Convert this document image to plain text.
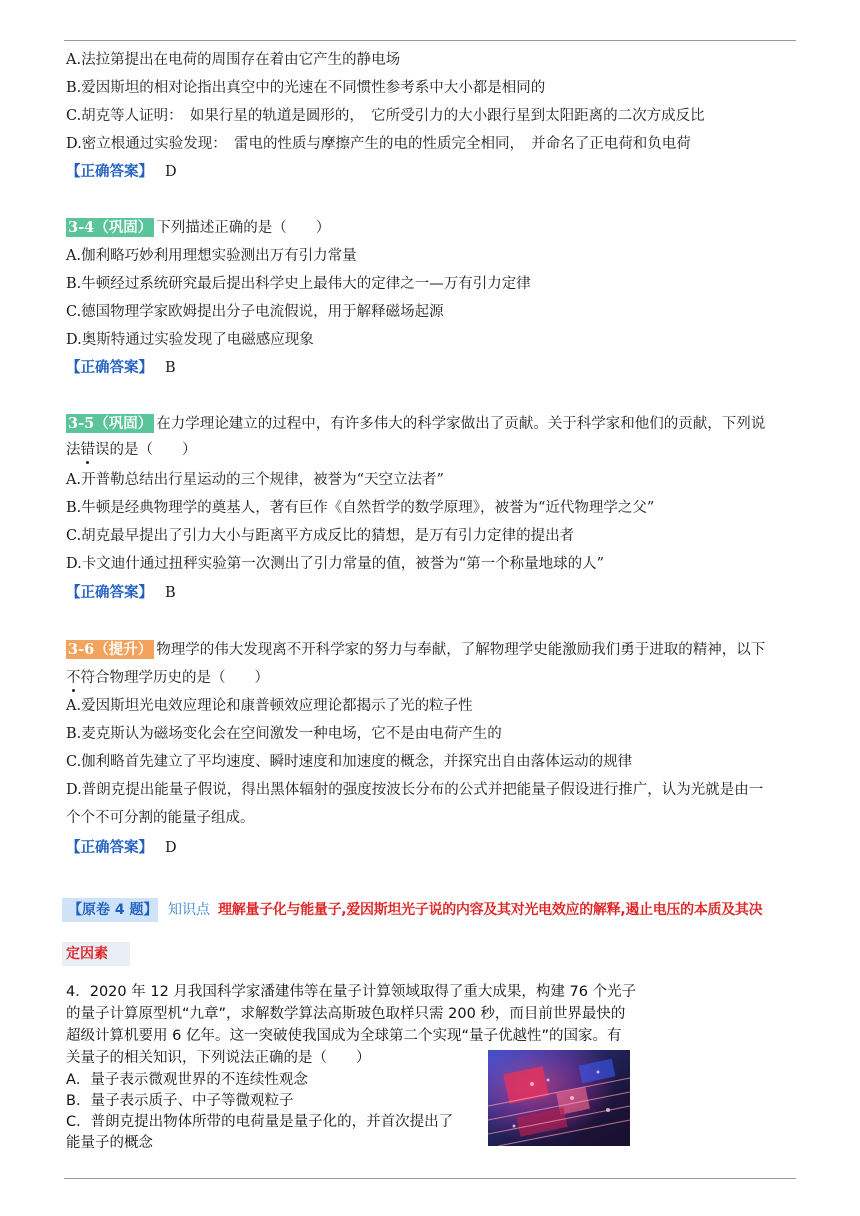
A.法拉第提出在电荷的周围存在着由它产生的静电场
B.爱因斯坦的相对论指出真空中的光速在不同惯性参考系中大小都是相同的
C.胡克等人证明：　如果行星的轨道是圆形的，　它所受引力的大小跟行星到太阳距离的二次方成反比
D.密立根通过实验发现：　雷电的性质与摩擦产生的电的性质完全相同，　并命名了正电荷和负电荷
【正确答案】 D
3-4（巩固） 下列描述正确的是（　　）
A.伽利略巧妙利用理想实验测出万有引力常量
B.牛顿经过系统研究最后提出科学史上最伟大的定律之一—万有引力定律
C.德国物理学家欧姆提出分子电流假说，用于解释磁场起源
D.奥斯特通过实验发现了电磁感应现象
【正确答案】 B
3-5（巩固） 在力学理论建立的过程中，有许多伟大的科学家做出了贡献。关于科学家和他们的贡献，下列说
法错误的是（　　）
A.开普勒总结出行星运动的三个规律，被誉为“天空立法者”
B.牛顿是经典物理学的奠基人，著有巨作《自然哲学的数学原理》，被誉为“近代物理学之父”
C.胡克最早提出了引力大小与距离平方成反比的猜想，是万有引力定律的提出者
D.卡文迪什通过扭秤实验第一次测出了引力常量的值，被誉为“第一个称量地球的人”
【正确答案】 B
3-6（提升） 物理学的伟大发现离不开科学家的努力与奉献，了解物理学史能激励我们勇于进取的精神，以下
不符合物理学历史的是（　　）
A.爱因斯坦光电效应理论和康普顿效应理论都揭示了光的粒子性
B.麦克斯认为磁场变化会在空间激发一种电场，它不是由电荷产生的
C.伽利略首先建立了平均速度、瞬时速度和加速度的概念，并探究出自由落体运动的规律
D.普朗克提出能量子假说，得出黑体辐射的强度按波长分布的公式并把能量子假设进行推广，认为光就是由一
个个不可分割的能量子组成。
【正确答案】 D
【原卷 4 题】 知识点 理解量子化与能量子,爱因斯坦光子说的内容及其对光电效应的解释,遏止电压的本质及其决
定因素
4．2020 年 12 月我国科学家潘建伟等在量子计算领域取得了重大成果，构建 76 个光子
的量子计算原型机“九章”，求解数学算法高斯玻色取样只需 200 秒，而目前世界最快的
超级计算机要用 6 亿年。这一突破使我国成为全球第二个实现“量子优越性”的国家。有
关量子的相关知识，下列说法正确的是（　　）
A．量子表示微观世界的不连续性观念
B．量子表示质子、中子等微观粒子
C．普朗克提出物体所带的电荷量是量子化的，并首次提出了
能量子的概念
